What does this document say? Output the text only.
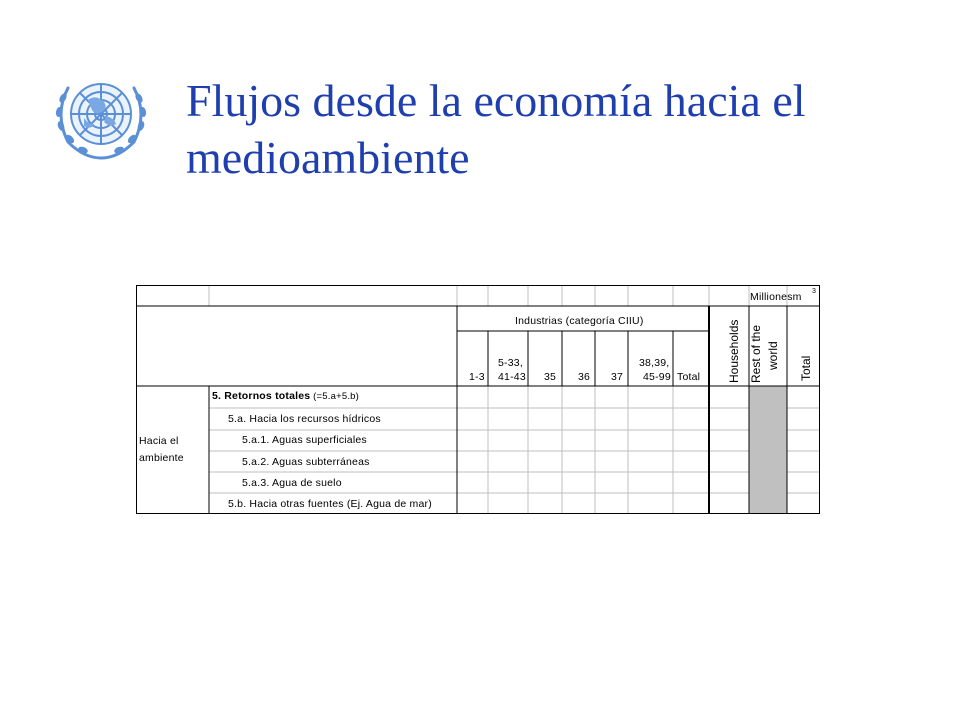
Flujos desde la economía hacia el
medioambiente
Millionesm 3
Industrias (categoría CIIU)
1-3
5-33,
41-43 35 36 37
38,39,
45-99 Total Households Rest of the world Total
Hacia el
ambiente
5. Retornos totales (=5.a+5.b)
5.a. Hacia los recursos hídricos
5.a.1. Aguas superficiales
5.a.2. Aguas subterráneas
5.a.3. Agua de suelo
5.b. Hacia otras fuentes (Ej. Agua de mar)
